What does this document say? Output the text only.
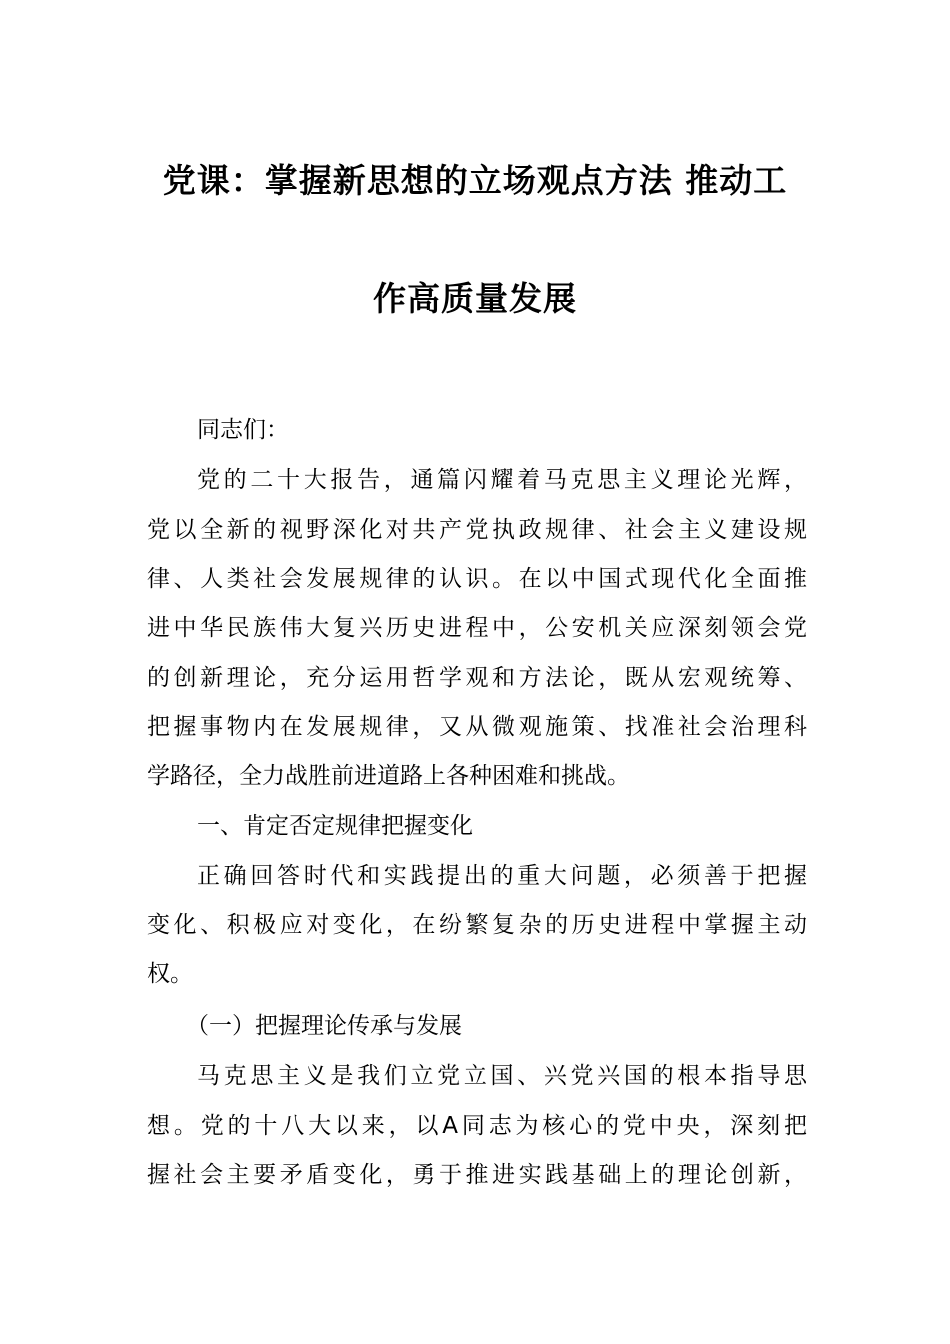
党课：掌握新思想的立场观点方法 推动工
作高质量发展
同志们：
党的二十大报告，通篇闪耀着马克思主义理论光辉，
党以全新的视野深化对共产党执政规律、社会主义建设规
律、人类社会发展规律的认识。在以中国式现代化全面推
进中华民族伟大复兴历史进程中，公安机关应深刻领会党
的创新理论，充分运用哲学观和方法论，既从宏观统筹、
把握事物内在发展规律，又从微观施策、找准社会治理科
学路径，全力战胜前进道路上各种困难和挑战。
一、肯定否定规律把握变化
正确回答时代和实践提出的重大问题，必须善于把握
变化、积极应对变化，在纷繁复杂的历史进程中掌握主动
权。
（一）把握理论传承与发展
马克思主义是我们立党立国、兴党兴国的根本指导思
想。党的十八大以来，以A同志为核心的党中央，深刻把
握社会主要矛盾变化，勇于推进实践基础上的理论创新，
